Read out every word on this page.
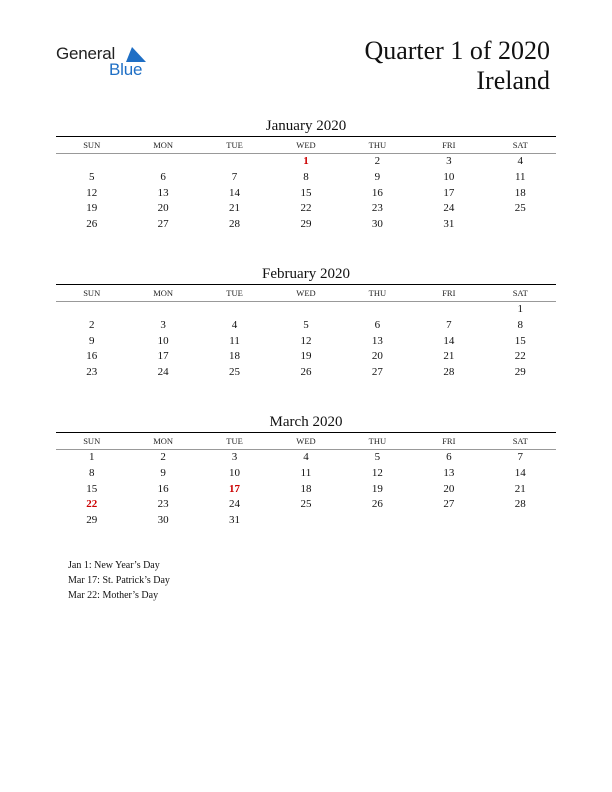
General
Blue
Quarter 1 of 2020
Ireland
January 2020
SUN	MON	TUE	WED	THU	FRI	SAT
			1	2	3	4
5	6	7	8	9	10	11
12	13	14	15	16	17	18
19	20	21	22	23	24	25
26	27	28	29	30	31	
February 2020
SUN	MON	TUE	WED	THU	FRI	SAT
						1
2	3	4	5	6	7	8
9	10	11	12	13	14	15
16	17	18	19	20	21	22
23	24	25	26	27	28	29
March 2020
SUN	MON	TUE	WED	THU	FRI	SAT
1	2	3	4	5	6	7
8	9	10	11	12	13	14
15	16	17	18	19	20	21
22	23	24	25	26	27	28
29	30	31				
Jan 1: New Year’s Day
Mar 17: St. Patrick’s Day
Mar 22: Mother’s Day
